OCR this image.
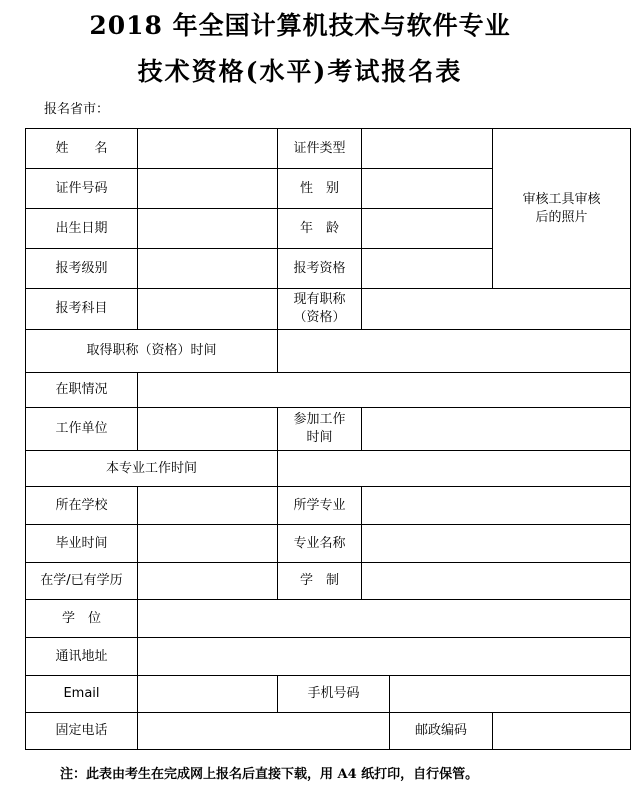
2018 年全国计算机技术与软件专业
技术资格(水平)考试报名表
报名省市：
姓　　名		证件类型			审核工具审核后的照片

证件号码		性　别			
出生日期		年　龄			
报考级别		报考资格			
报考科目		现有职称（资格）			

取得职称（资格）时间					
在职情况					
工作单位		参加工作时间			

本专业工作时间					
所在学校		所学专业			
毕业时间		专业名称			
在学/已有学历		学　制			
学　位					
通讯地址					
Email		手机号码			
固定电话				邮政编码	
注：此表由考生在完成网上报名后直接下载，用 A4 纸打印，自行保管。
